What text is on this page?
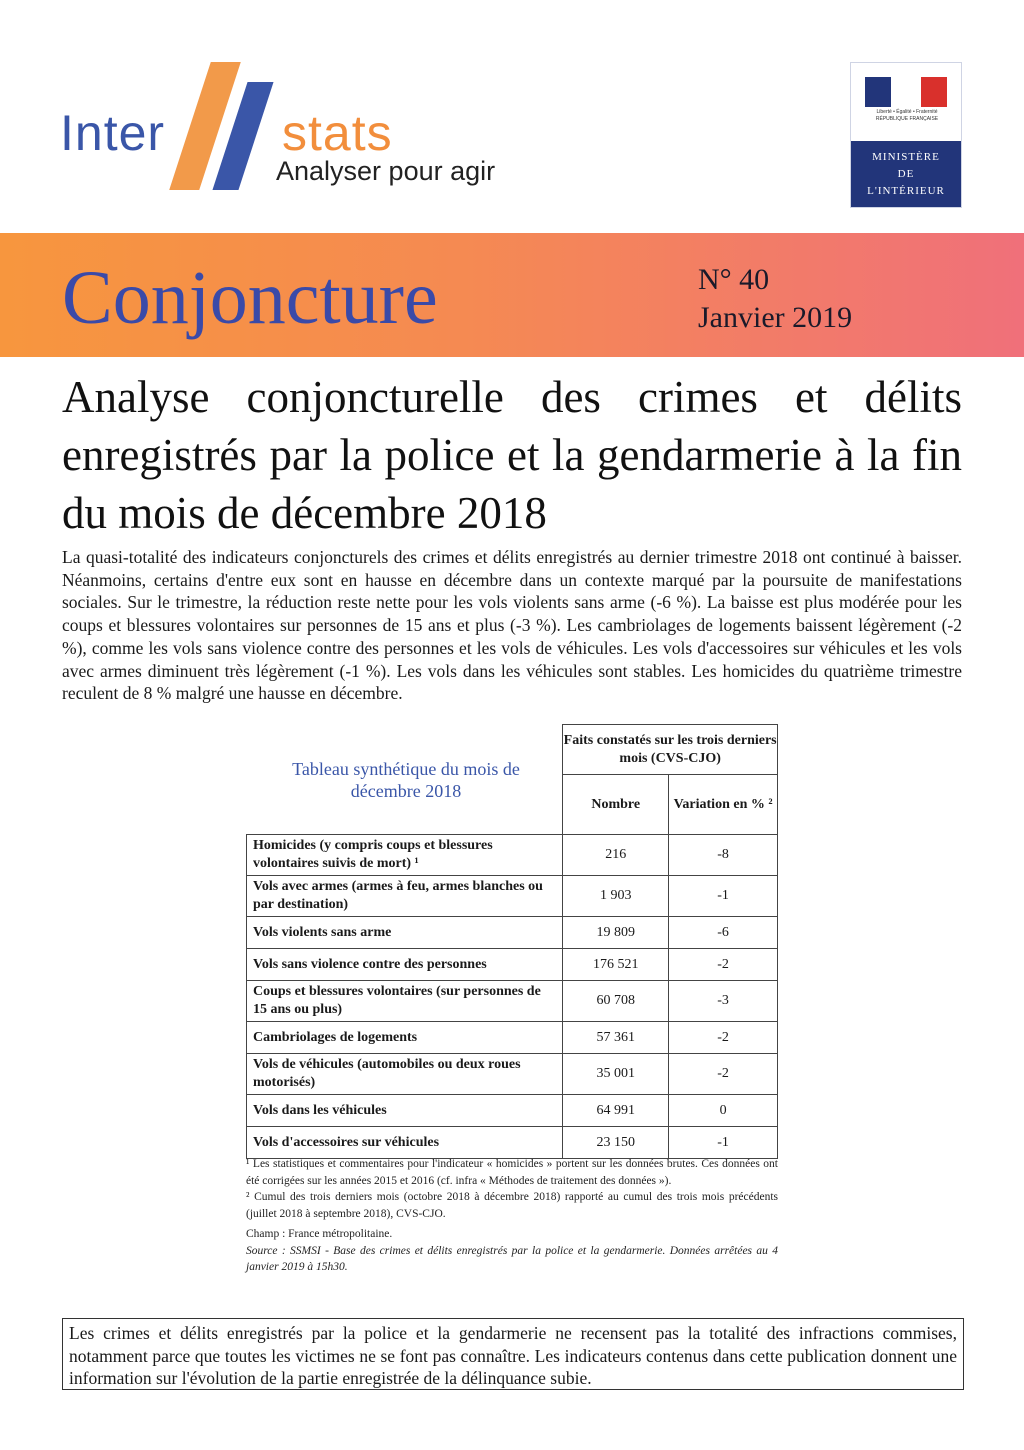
Inter stats
Analyser pour agir
Liberté • Égalité • Fraternité
RÉPUBLIQUE FRANÇAISE
MINISTÈRE
DE
L'INTÉRIEUR
Conjoncture	N° 40
Janvier 2019
Analyse conjoncturelle des crimes et délits enregistrés par la police et la gendarmerie à la fin du mois de décembre 2018

La quasi-totalité des indicateurs conjoncturels des crimes et délits enregistrés au dernier trimestre 2018 ont continué à baisser. Néanmoins, certains d'entre eux sont en hausse en décembre dans un contexte marqué par la poursuite de manifestations sociales. Sur le trimestre, la réduction reste nette pour les vols violents sans arme (-6 %). La baisse est plus modérée pour les coups et blessures volontaires sur personnes de 15 ans et plus (-3 %). Les cambriolages de logements baissent légèrement (-2 %), comme les vols sans violence contre des personnes et les vols de véhicules. Les vols d'accessoires sur véhicules et les vols avec armes diminuent très légèrement (-1 %). Les vols dans les véhicules sont stables. Les homicides du quatrième trimestre reculent de 8 % malgré une hausse en décembre.

Tableau synthétique du mois de décembre 2018
	Faits constatés sur les trois derniers mois (CVS-CJO)	
	Nombre	Variation en % ²
Homicides (y compris coups et blessures volontaires suivis de mort) ¹	216	-8
Vols avec armes (armes à feu, armes blanches ou par destination)	1 903	-1
Vols violents sans arme	19 809	-6
Vols sans violence contre des personnes	176 521	-2
Coups et blessures volontaires (sur personnes de 15 ans ou plus)	60 708	-3
Cambriolages de logements	57 361	-2
Vols de véhicules (automobiles ou deux roues motorisés)	35 001	-2
Vols dans les véhicules	64 991	0
Vols d'accessoires sur véhicules	23 150	-1
¹ Les statistiques et commentaires pour l'indicateur « homicides » portent sur les données brutes. Ces données ont été corrigées sur les années 2015 et 2016 (cf. infra « Méthodes de traitement des données »).
² Cumul des trois derniers mois (octobre 2018 à décembre 2018) rapporté au cumul des trois mois précédents (juillet 2018 à septembre 2018), CVS-CJO.
Champ : France métropolitaine.
Source : SSMSI - Base des crimes et délits enregistrés par la police et la gendarmerie. Données arrêtées au 4 janvier 2019 à 15h30.
Les crimes et délits enregistrés par la police et la gendarmerie ne recensent pas la totalité des infractions commises, notamment parce que toutes les victimes ne se font pas connaître. Les indicateurs contenus dans cette publication donnent une information sur l'évolution de la partie enregistrée de la délinquance subie.
